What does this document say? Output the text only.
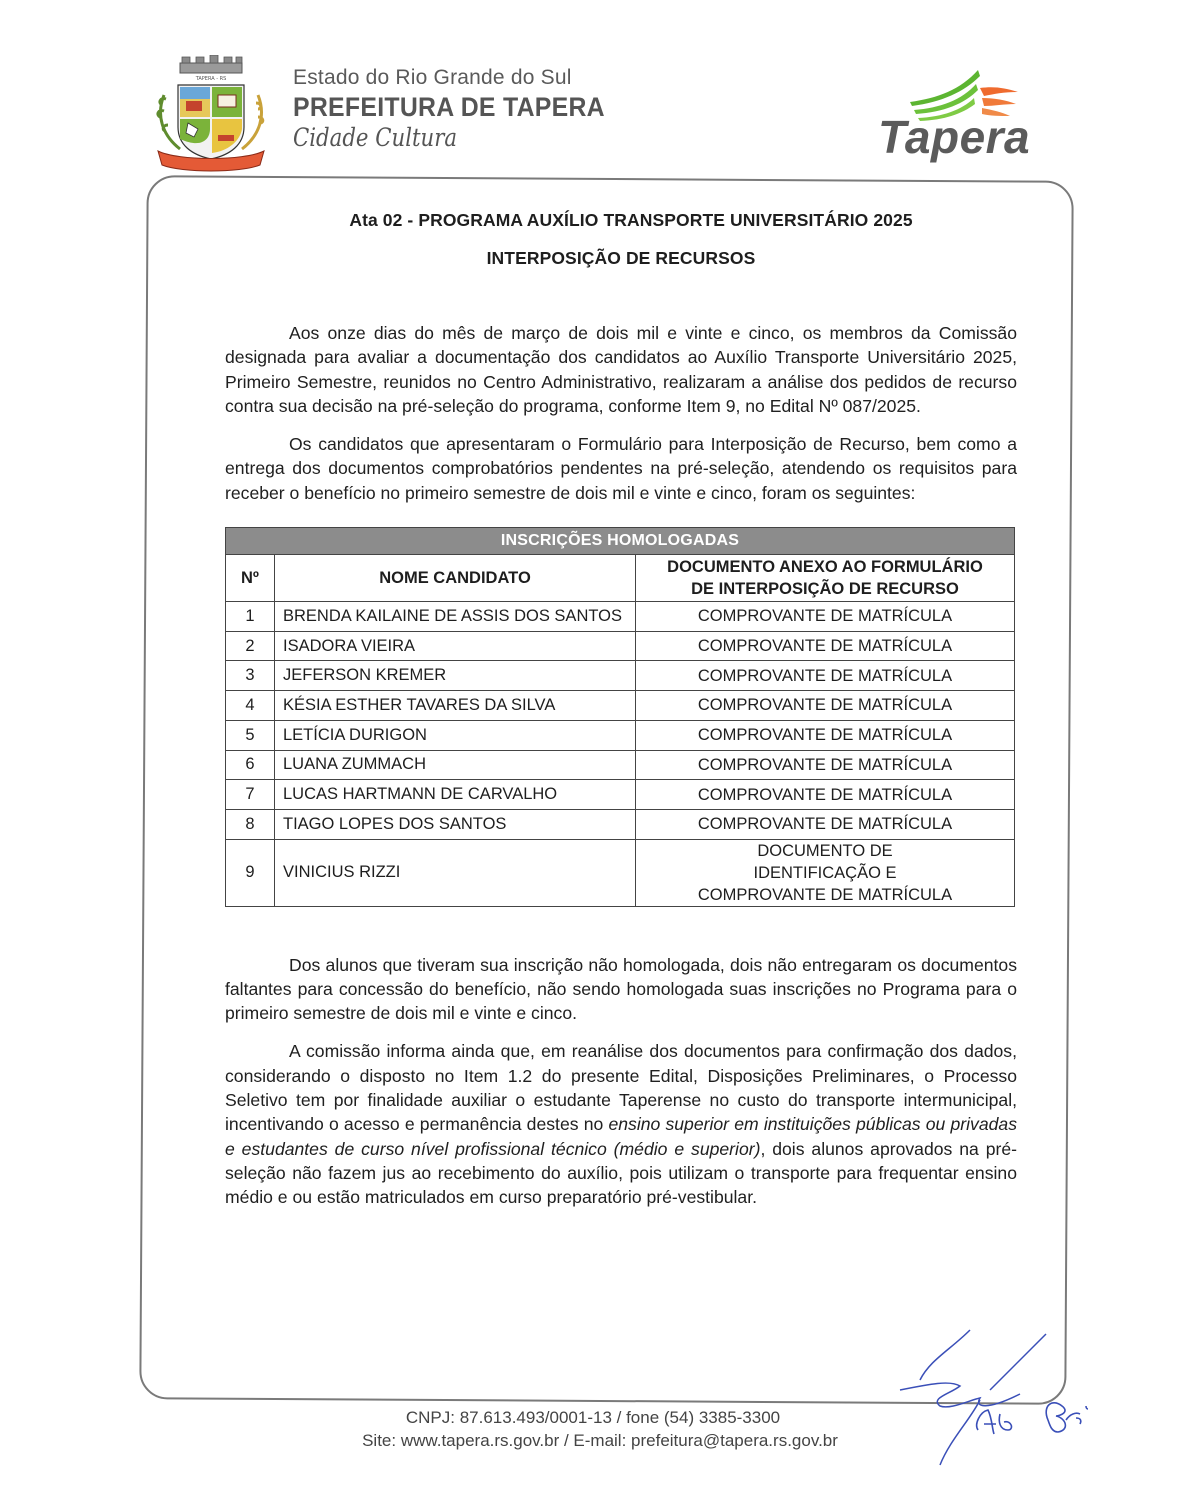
TAPERA - RS	Estado do Rio Grande do Sul
PREFEITURA DE TAPERA
Cidade Cultura	Tapera
Ata 02 - PROGRAMA AUXÍLIO TRANSPORTE UNIVERSITÁRIO 2025
INTERPOSIÇÃO DE RECURSOS

Aos onze dias do mês de março de dois mil e vinte e cinco, os membros da Comissão designada para avaliar a documentação dos candidatos ao Auxílio Transporte Universitário 2025, Primeiro Semestre, reunidos no Centro Administrativo, realizaram a análise dos pedidos de recurso contra sua decisão na pré-seleção do programa, conforme Item 9, no Edital Nº 087/2025.

Os candidatos que apresentaram o Formulário para Interposição de Recurso, bem como a entrega dos documentos comprobatórios pendentes na pré-seleção, atendendo os requisitos para receber o benefício no primeiro semestre de dois mil e vinte e cinco, foram os seguintes:

INSCRIÇÕES HOMOLOGADAS		
Nº	NOME CANDIDATO	DOCUMENTO ANEXO AO FORMULÁRIO DE INTERPOSIÇÃO DE RECURSO
1	BRENDA KAILAINE DE ASSIS DOS SANTOS	COMPROVANTE DE MATRÍCULA
2	ISADORA VIEIRA	COMPROVANTE DE MATRÍCULA
3	JEFERSON KREMER	COMPROVANTE DE MATRÍCULA
4	KÉSIA ESTHER TAVARES DA SILVA	COMPROVANTE DE MATRÍCULA
5	LETÍCIA DURIGON	COMPROVANTE DE MATRÍCULA
6	LUANA ZUMMACH	COMPROVANTE DE MATRÍCULA
7	LUCAS HARTMANN DE CARVALHO	COMPROVANTE DE MATRÍCULA
8	TIAGO LOPES DOS SANTOS	COMPROVANTE DE MATRÍCULA
9	VINICIUS RIZZI	DOCUMENTO DE IDENTIFICAÇÃO E COMPROVANTE DE MATRÍCULA

Dos alunos que tiveram sua inscrição não homologada, dois não entregaram os documentos faltantes para concessão do benefício, não sendo homologada suas inscrições no Programa para o primeiro semestre de dois mil e vinte e cinco.

A comissão informa ainda que, em reanálise dos documentos para confirmação dos dados, considerando o disposto no Item 1.2 do presente Edital, Disposições Preliminares, o Processo Seletivo tem por finalidade auxiliar o estudante Taperense no custo do transporte intermunicipal, incentivando o acesso e permanência destes no ensino superior em instituições públicas ou privadas e estudantes de curso nível profissional técnico (médio e superior), dois alunos aprovados na pré-seleção não fazem jus ao recebimento do auxílio, pois utilizam o transporte para frequentar ensino médio e ou estão matriculados em curso preparatório pré-vestibular.

CNPJ: 87.613.493/0001-13 / fone (54) 3385-3300
Site: www.tapera.rs.gov.br / E-mail: prefeitura@tapera.rs.gov.br
